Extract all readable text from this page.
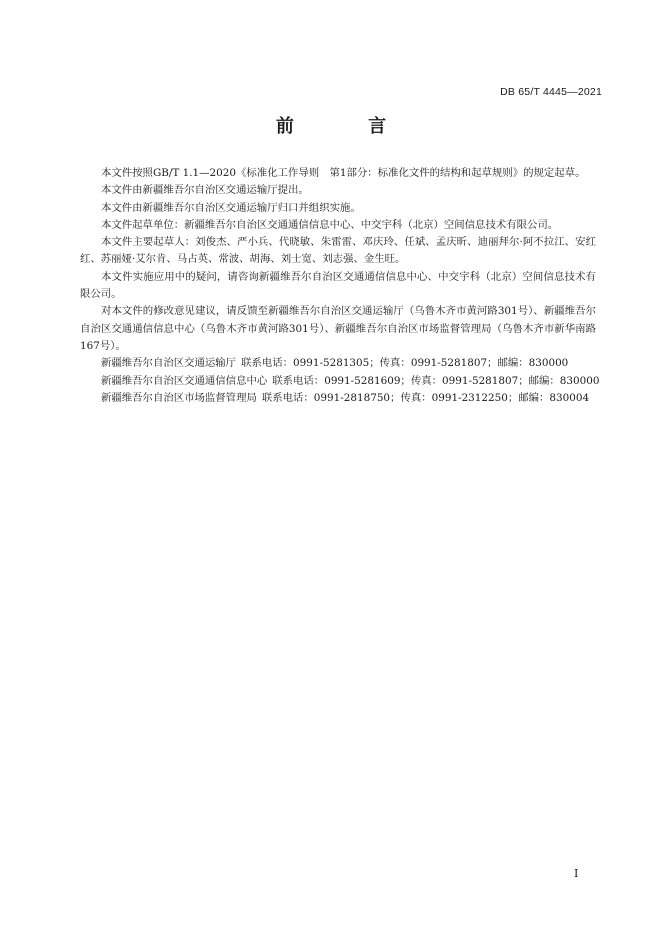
DB 65/T 4445—2021
前 言

本文件按照GB/T 1.1—2020《标准化工作导则　第1部分：标准化文件的结构和起草规则》的规定起草。

本文件由新疆维吾尔自治区交通运输厅提出。

本文件由新疆维吾尔自治区交通运输厅归口并组织实施。

本文件起草单位：新疆维吾尔自治区交通通信信息中心、中交宇科（北京）空间信息技术有限公司。

本文件主要起草人：刘俊杰、严小兵、代晓敏、朱雷雷、邓庆玲、任斌、孟庆昕、迪丽拜尔·阿不拉江、安红红、苏丽娅·艾尔肯、马占英、常波、胡海、刘士宽、刘志强、金生旺。

本文件实施应用中的疑问，请咨询新疆维吾尔自治区交通通信信息中心、中交宇科（北京）空间信息技术有限公司。

对本文件的修改意见建议，请反馈至新疆维吾尔自治区交通运输厅（乌鲁木齐市黄河路301号）、新疆维吾尔自治区交通通信信息中心（乌鲁木齐市黄河路301号）、新疆维吾尔自治区市场监督管理局（乌鲁木齐市新华南路167号）。

新疆维吾尔自治区交通运输厅 联系电话：0991-5281305；传真：0991-5281807；邮编：830000

新疆维吾尔自治区交通通信信息中心 联系电话：0991-5281609；传真：0991-5281807；邮编：830000

新疆维吾尔自治区市场监督管理局 联系电话：0991-2818750；传真：0991-2312250；邮编：830004

I
